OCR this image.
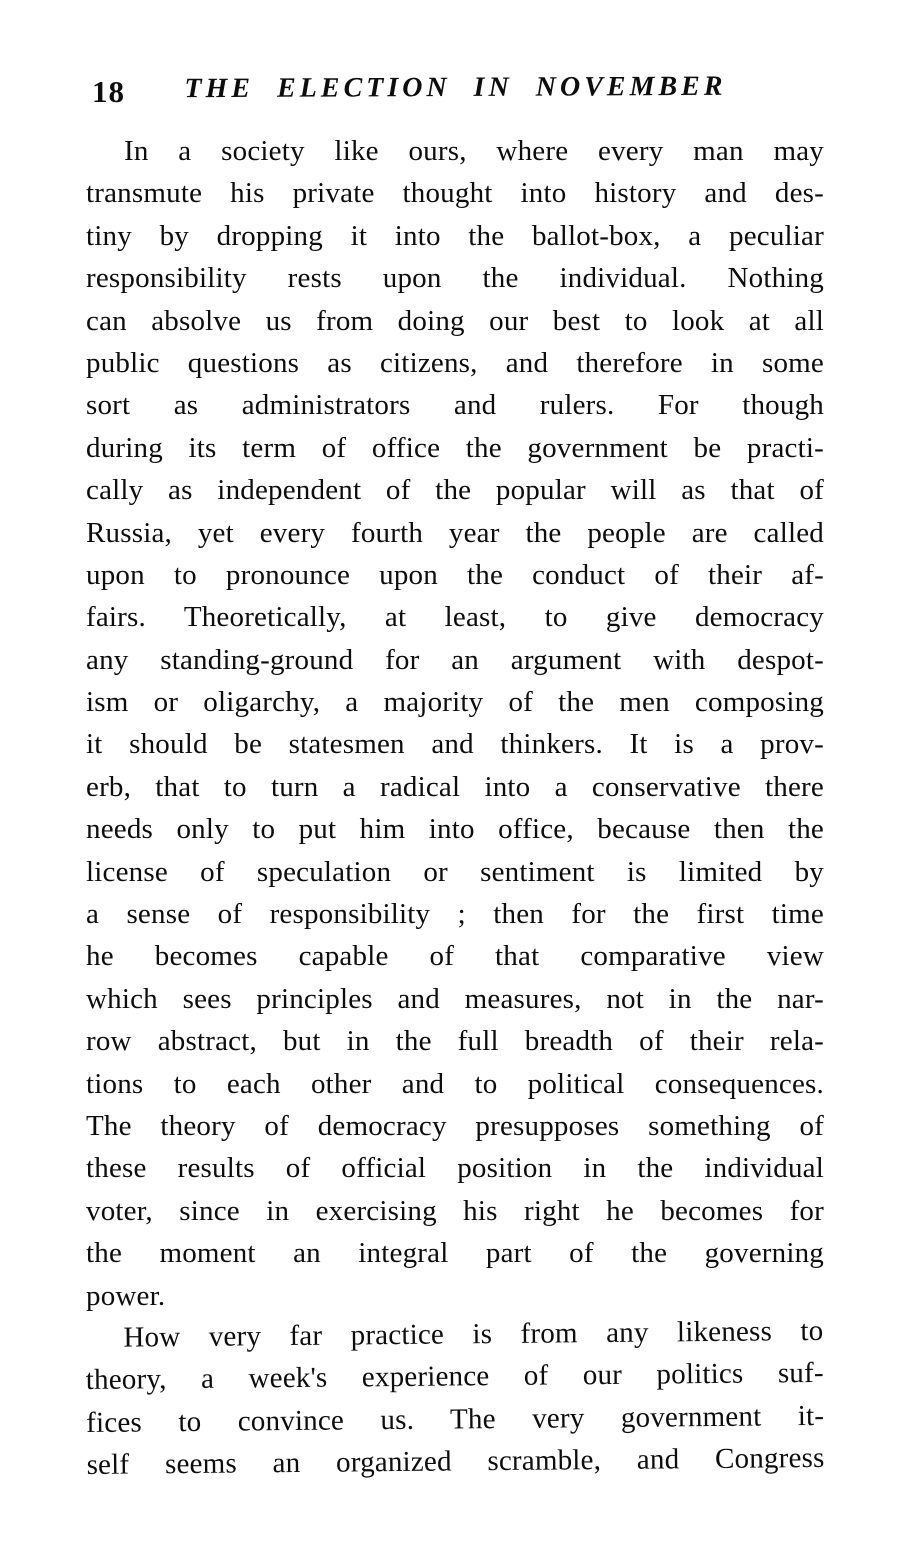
18	THE ELECTION IN NOVEMBER

In a society like ours, where every man may

transmute his private thought into history and des-

tiny by dropping it into the ballot-box, a peculiar

responsibility rests upon the individual. Nothing

can absolve us from doing our best to look at all

public questions as citizens, and therefore in some

sort as administrators and rulers. For though

during its term of office the government be practi-

cally as independent of the popular will as that of

Russia, yet every fourth year the people are called

upon to pronounce upon the conduct of their af-

fairs. Theoretically, at least, to give democracy

any standing-ground for an argument with despot-

ism or oligarchy, a majority of the men composing

it should be statesmen and thinkers. It is a prov-

erb, that to turn a radical into a conservative there

needs only to put him into office, because then the

license of speculation or sentiment is limited by

a sense of responsibility ; then for the first time

he becomes capable of that comparative view

which sees principles and measures, not in the nar-

row abstract, but in the full breadth of their rela-

tions to each other and to political consequences.

The theory of democracy presupposes something of

these results of official position in the individual

voter, since in exercising his right he becomes for

the moment an integral part of the governing

power.

How very far practice is from any likeness to

theory, a week's experience of our politics suf-

fices to convince us. The very government it-

self seems an organized scramble, and Congress
